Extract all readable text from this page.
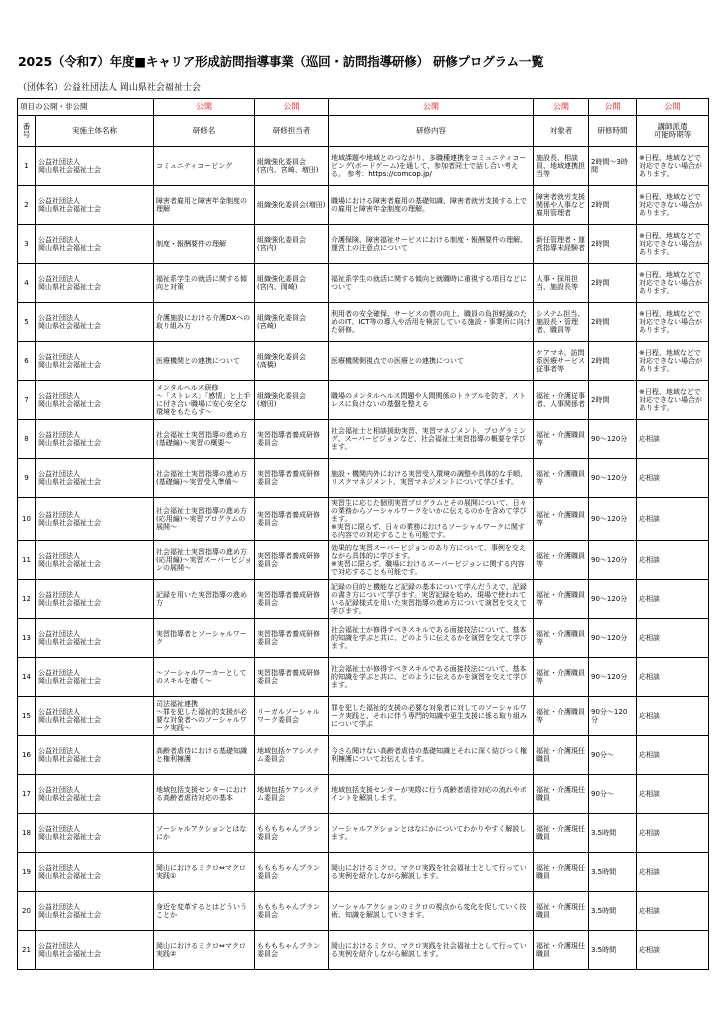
2025（令和7）年度■キャリア形成訪問指導事業（巡回・訪問指導研修） 研修プログラム一覧
（団体名）公益社団法人 岡山県社会福祉士会
項目の公開・非公開		公開	公開	公開	公開	公開	公開
番号	実施主体名称	研修名	研修担当者	研修内容	対象者	研修時間	講師派遣
可能時期等
1	公益社団法人
岡山県社会福祉士会	コミュニティコーピング	組織強化委員会
(宮内、宮崎、増田)	地域課題や地域とのつながり、多職種連携をコミュニティコーピング(ボードゲーム)を通して、参加者同士で話し合い考える。 参考：https://comcop.jp/	施設長、相談員、地域連携担当等	2時間～3時間	※日程、地域などで対応できない場合があります。
2	公益社団法人
岡山県社会福祉士会	障害者雇用と障害年金制度の理解	組織強化委員会(増田)	職場における障害者雇用の基礎知識、障害者就労支援する上での雇用と障害年金制度の理解。	障害者就労支援関係や人事など雇用管理者	2時間	※日程、地域などで対応できない場合があります。
3	公益社団法人
岡山県社会福祉士会	制度・報酬要件の理解	組織強化委員会
(宮内)	介護保険、障害福祉サービスにおける制度・報酬要件の理解、運営上の注意点について	新任管理者・運営指導未経験者	2時間	※日程、地域などで対応できない場合があります。
4	公益社団法人
岡山県社会福祉士会	福祉系学生の就活に関する傾向と対策	組織強化委員会
(宮内、岡崎)	福祉系学生の就活に関する傾向と就職時に重視する項目などについて	人事・採用担当、施設長等	2時間	※日程、地域などで対応できない場合があります。
5	公益社団法人
岡山県社会福祉士会	介護施設における介護DXへの取り組み方	組織強化委員会
(宮崎)	利用者の安全確保、サービスの質の向上、職員の負担軽減のためのIT、ICT等の導入や活用を検討している施設・事業所に向けた研修。	システム担当、施設長・管理者、職員等	2時間	※日程、地域などで対応できない場合があります。
6	公益社団法人
岡山県社会福祉士会	医療機関との連携について	組織強化委員会
(高橋)	医療機関側視点での医療との連携について	ケアマネ、訪問系医療サービス従事者等	2時間	※日程、地域などで対応できない場合があります。
7	公益社団法人
岡山県社会福祉士会	メンタルヘルス研修
～「ストレス」「感情」と上手に付き合い職場に安心安全な環境をもたらす～	組織強化委員会
(増田)	職場のメンタルヘルス問題や人間関係のトラブルを防ぎ、ストレスに負けないの基盤を整える	福祉・介護従事者、人事関係者	2時間	※日程、地域などで対応できない場合があります。
8	公益社団法人
岡山県社会福祉士会	社会福祉士実習指導の進め方(基礎編)～実習の概要～	実習指導者養成研修委員会	社会福祉士と相談援助実習、実習マネジメント、プログラミング、スーパービジョンなど、社会福祉士実習指導の概要を学びます。	福祉・介護職員等	90～120分	応相談
9	公益社団法人
岡山県社会福祉士会	社会福祉士実習指導の進め方(基礎編)～実習受入準備～	実習指導者養成研修委員会	施設・機関内外における実習受入環境の調整や具体的な手順、リスクマネジメント、実習マネジメントについて学びます。	福祉・介護職員等	90～120分	応相談
10	公益社団法人
岡山県社会福祉士会	社会福祉士実習指導の進め方(応用編)～実習プログラムの展開～	実習指導者養成研修委員会	実習生に応じた個別実習プログラムとその展開について、日々の業務からソーシャルワークをいかに伝えるのかを含めて学びます。
※実習に限らず、日々の業務におけるソーシャルワークに関する内容での対応することも可能です。	福祉・介護職員等	90～120分	応相談
11	公益社団法人
岡山県社会福祉士会	社会福祉士実習指導の進め方(応用編)～実習スーパービジョンの展開～	実習指導者養成研修委員会	効果的な実習スーパービジョンのあり方について、事例を交えながら具体的に学びます。
※実習に限らず、職場におけるスーパービジョンに関する内容で対応することも可能です。	福祉・介護職員等	90～120分	応相談
12	公益社団法人
岡山県社会福祉士会	記録を用いた実習指導の進め方	実習指導者養成研修委員会	記録の目的と機能など記録の基本について学んだうえで、記録の書き方について学びます。実習記録を始め、現場で使われている記録様式を用いた実習指導の進め方について演習を交えて学びます。	福祉・介護職員等	90～120分	応相談
13	公益社団法人
岡山県社会福祉士会	実習指導者とソーシャルワーク	実習指導者養成研修委員会	社会福祉士が修得すべきスキルである面接技法について、基本的知識を学ぶと共に、どのように伝えるかを演習を交えて学びます。	福祉・介護職員等	90～120分	応相談
14	公益社団法人
岡山県社会福祉士会	～ソーシャルワーカーとしてのスキルを磨く～	実習指導者養成研修委員会	社会福祉士が修得すべきスキルである面接技法について、基本的知識を学ぶと共に、どのように伝えるかを演習を交えて学びます。	福祉・介護職員等	90～120分	応相談
15	公益社団法人
岡山県社会福祉士会	司法福祉連携
～罪を犯した福祉的支援が必要な対象者へのソーシャルワーク実践～	リーガルソーシャルワーク委員会	罪を犯した福祉的支援の必要な対象者に対してのソーシャルワーク実践と、それに伴う専門的知識や更生支援に係る取り組みについて学ぶ	福祉・介護職員等	90分～120分	応相談
16	公益社団法人
岡山県社会福祉士会	高齢者虐待における基礎知識と権利擁護	地域包括ケアシステム委員会	今さら聞けない高齢者虐待の基礎知識とそれに深く結びつく権利擁護についてお伝えします。	福祉・介護現任職員	90分～	応相談
17	公益社団法人
岡山県社会福祉士会	地域包括支援センターにおける高齢者虐待対応の基本	地域包括ケアシステム委員会	地域包括支援センターが実際に行う高齢者虐待対応の流れやポイントを解説します。	福祉・介護現任職員	90分～	応相談
18	公益社団法人
岡山県社会福祉士会	ソーシャルアクションとはなにか	もももちゃんプラン委員会	ソーシャルアクションとはなにかについてわかりやすく解説します。	福祉・介護現任職員	3.5時間	応相談
19	公益社団法人
岡山県社会福祉士会	岡山におけるミクロ⇔マクロ実践①	もももちゃんプラン委員会	岡山におけるミクロ、マクロ実践を社会福祉士として行っている実例を紹介しながら解説します。	福祉・介護現任職員	3.5時間	応相談
20	公益社団法人
岡山県社会福祉士会	身近を変革するとはどういうことか	もももちゃんプラン委員会	ソーシャルアクションのミクロの視点から変化を促していく技術、知識を解説していきます。	福祉・介護現任職員	3.5時間	応相談
21	公益社団法人
岡山県社会福祉士会	岡山におけるミクロ⇔マクロ実践②	もももちゃんプラン委員会	岡山におけるミクロ、マクロ実践を社会福祉士として行っている実例を紹介しながら解説します。	福祉・介護現任職員	3.5時間	応相談
